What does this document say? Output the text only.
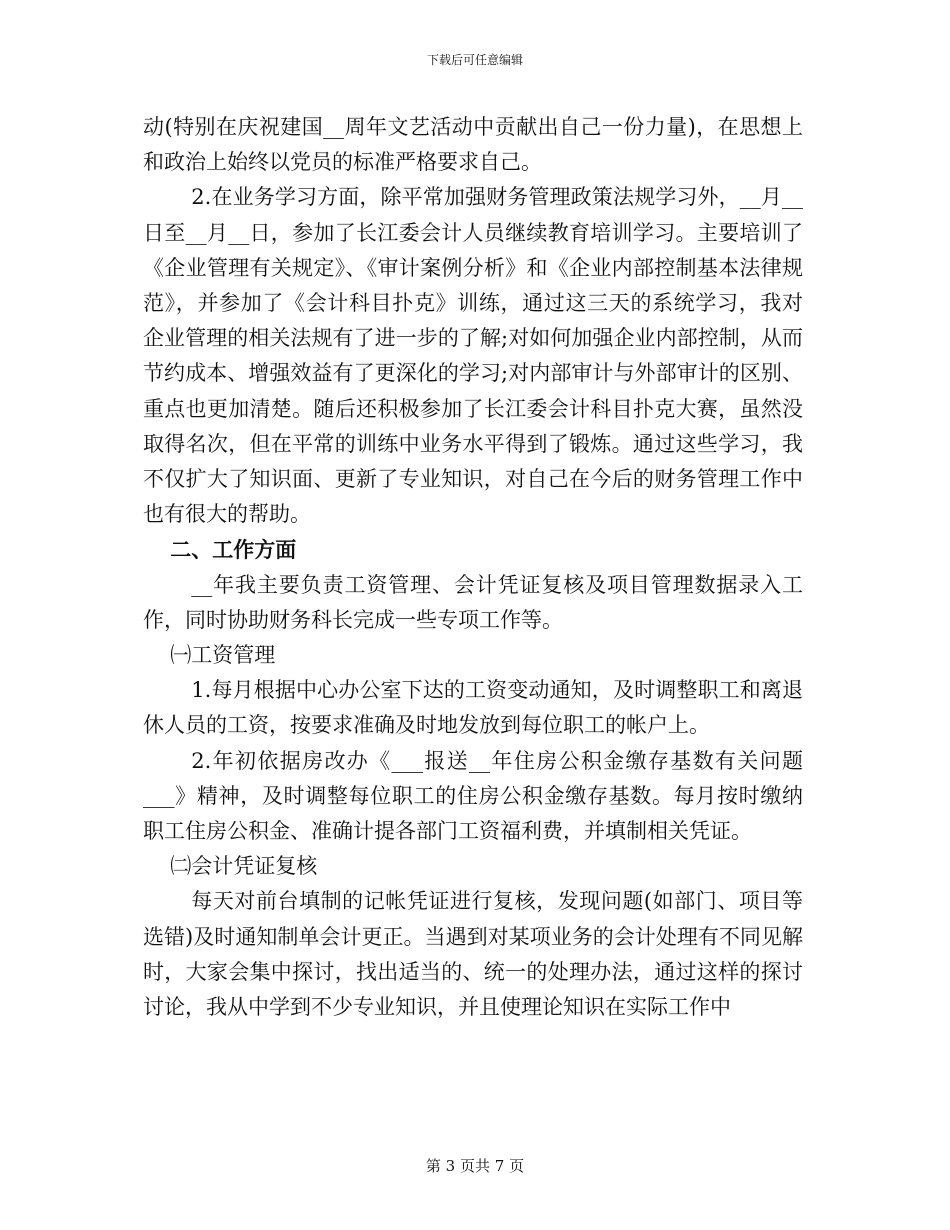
下载后可任意编辑

动(特别在庆祝建国__周年文艺活动中贡献出自己一份力量)，在思想上和政治上始终以党员的标准严格要求自己。

2.在业务学习方面，除平常加强财务管理政策法规学习外，__月__日至__月__日，参加了长江委会计人员继续教育培训学习。主要培训了《企业管理有关规定》、《审计案例分析》和《企业内部控制基本法律规范》，并参加了《会计科目扑克》训练，通过这三天的系统学习，我对企业管理的相关法规有了进一步的了解;对如何加强企业内部控制，从而节约成本、增强效益有了更深化的学习;对内部审计与外部审计的区别、重点也更加清楚。随后还积极参加了长江委会计科目扑克大赛，虽然没取得名次，但在平常的训练中业务水平得到了锻炼。通过这些学习，我不仅扩大了知识面、更新了专业知识，对自己在今后的财务管理工作中也有很大的帮助。

二、工作方面

__年我主要负责工资管理、会计凭证复核及项目管理数据录入工作，同时协助财务科长完成一些专项工作等。

㈠工资管理

1.每月根据中心办公室下达的工资变动通知，及时调整职工和离退休人员的工资，按要求准确及时地发放到每位职工的帐户上。

2.年初依据房改办《___报送__年住房公积金缴存基数有关问题___》精神，及时调整每位职工的住房公积金缴存基数。每月按时缴纳职工住房公积金、准确计提各部门工资福利费，并填制相关凭证。

㈡会计凭证复核

每天对前台填制的记帐凭证进行复核，发现问题(如部门、项目等选错)及时通知制单会计更正。当遇到对某项业务的会计处理有不同见解时，大家会集中探讨，找出适当的、统一的处理办法，通过这样的探讨讨论，我从中学到不少专业知识，并且使理论知识在实际工作中

第 3 页共 7 页
